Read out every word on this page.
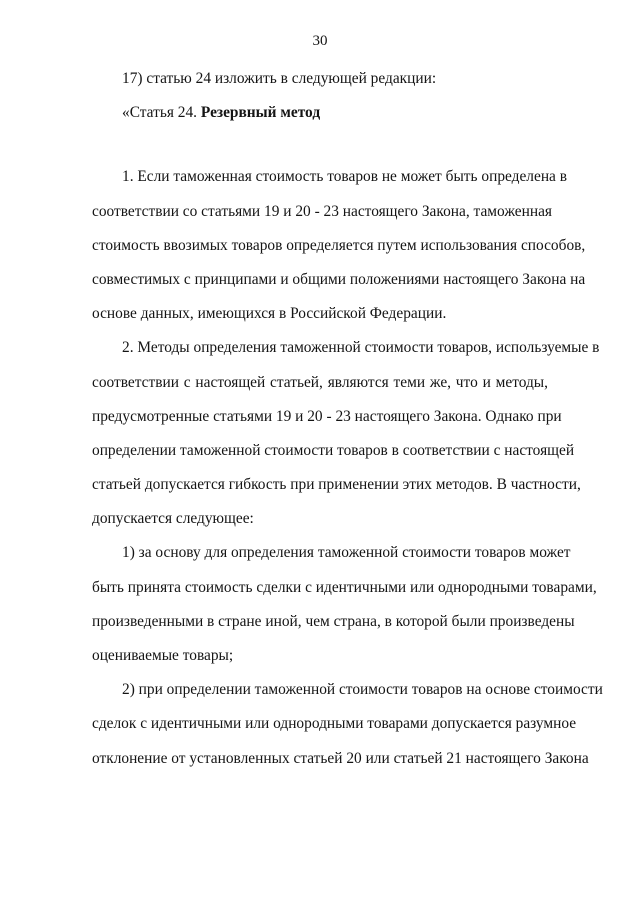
30
17) статью 24 изложить в следующей редакции:
«Статья 24. Резервный метод
1. Если таможенная стоимость товаров не может быть определена в
соответствии со статьями 19 и 20 - 23 настоящего Закона, таможенная
стоимость ввозимых товаров определяется путем использования способов,
совместимых с принципами и общими положениями настоящего Закона на
основе данных, имеющихся в Российской Федерации.
2. Методы определения таможенной стоимости товаров, используемые в
соответствии с настоящей статьей, являются теми же, что и методы,
предусмотренные статьями 19 и 20 - 23 настоящего Закона. Однако при
определении таможенной стоимости товаров в соответствии с настоящей
статьей допускается гибкость при применении этих методов. В частности,
допускается следующее:
1) за основу для определения таможенной стоимости товаров может
быть принята стоимость сделки с идентичными или однородными товарами,
произведенными в стране иной, чем страна, в которой были произведены
оцениваемые товары;
2) при определении таможенной стоимости товаров на основе стоимости
сделок с идентичными или однородными товарами допускается разумное
отклонение от установленных статьей 20 или статьей 21 настоящего Закона
